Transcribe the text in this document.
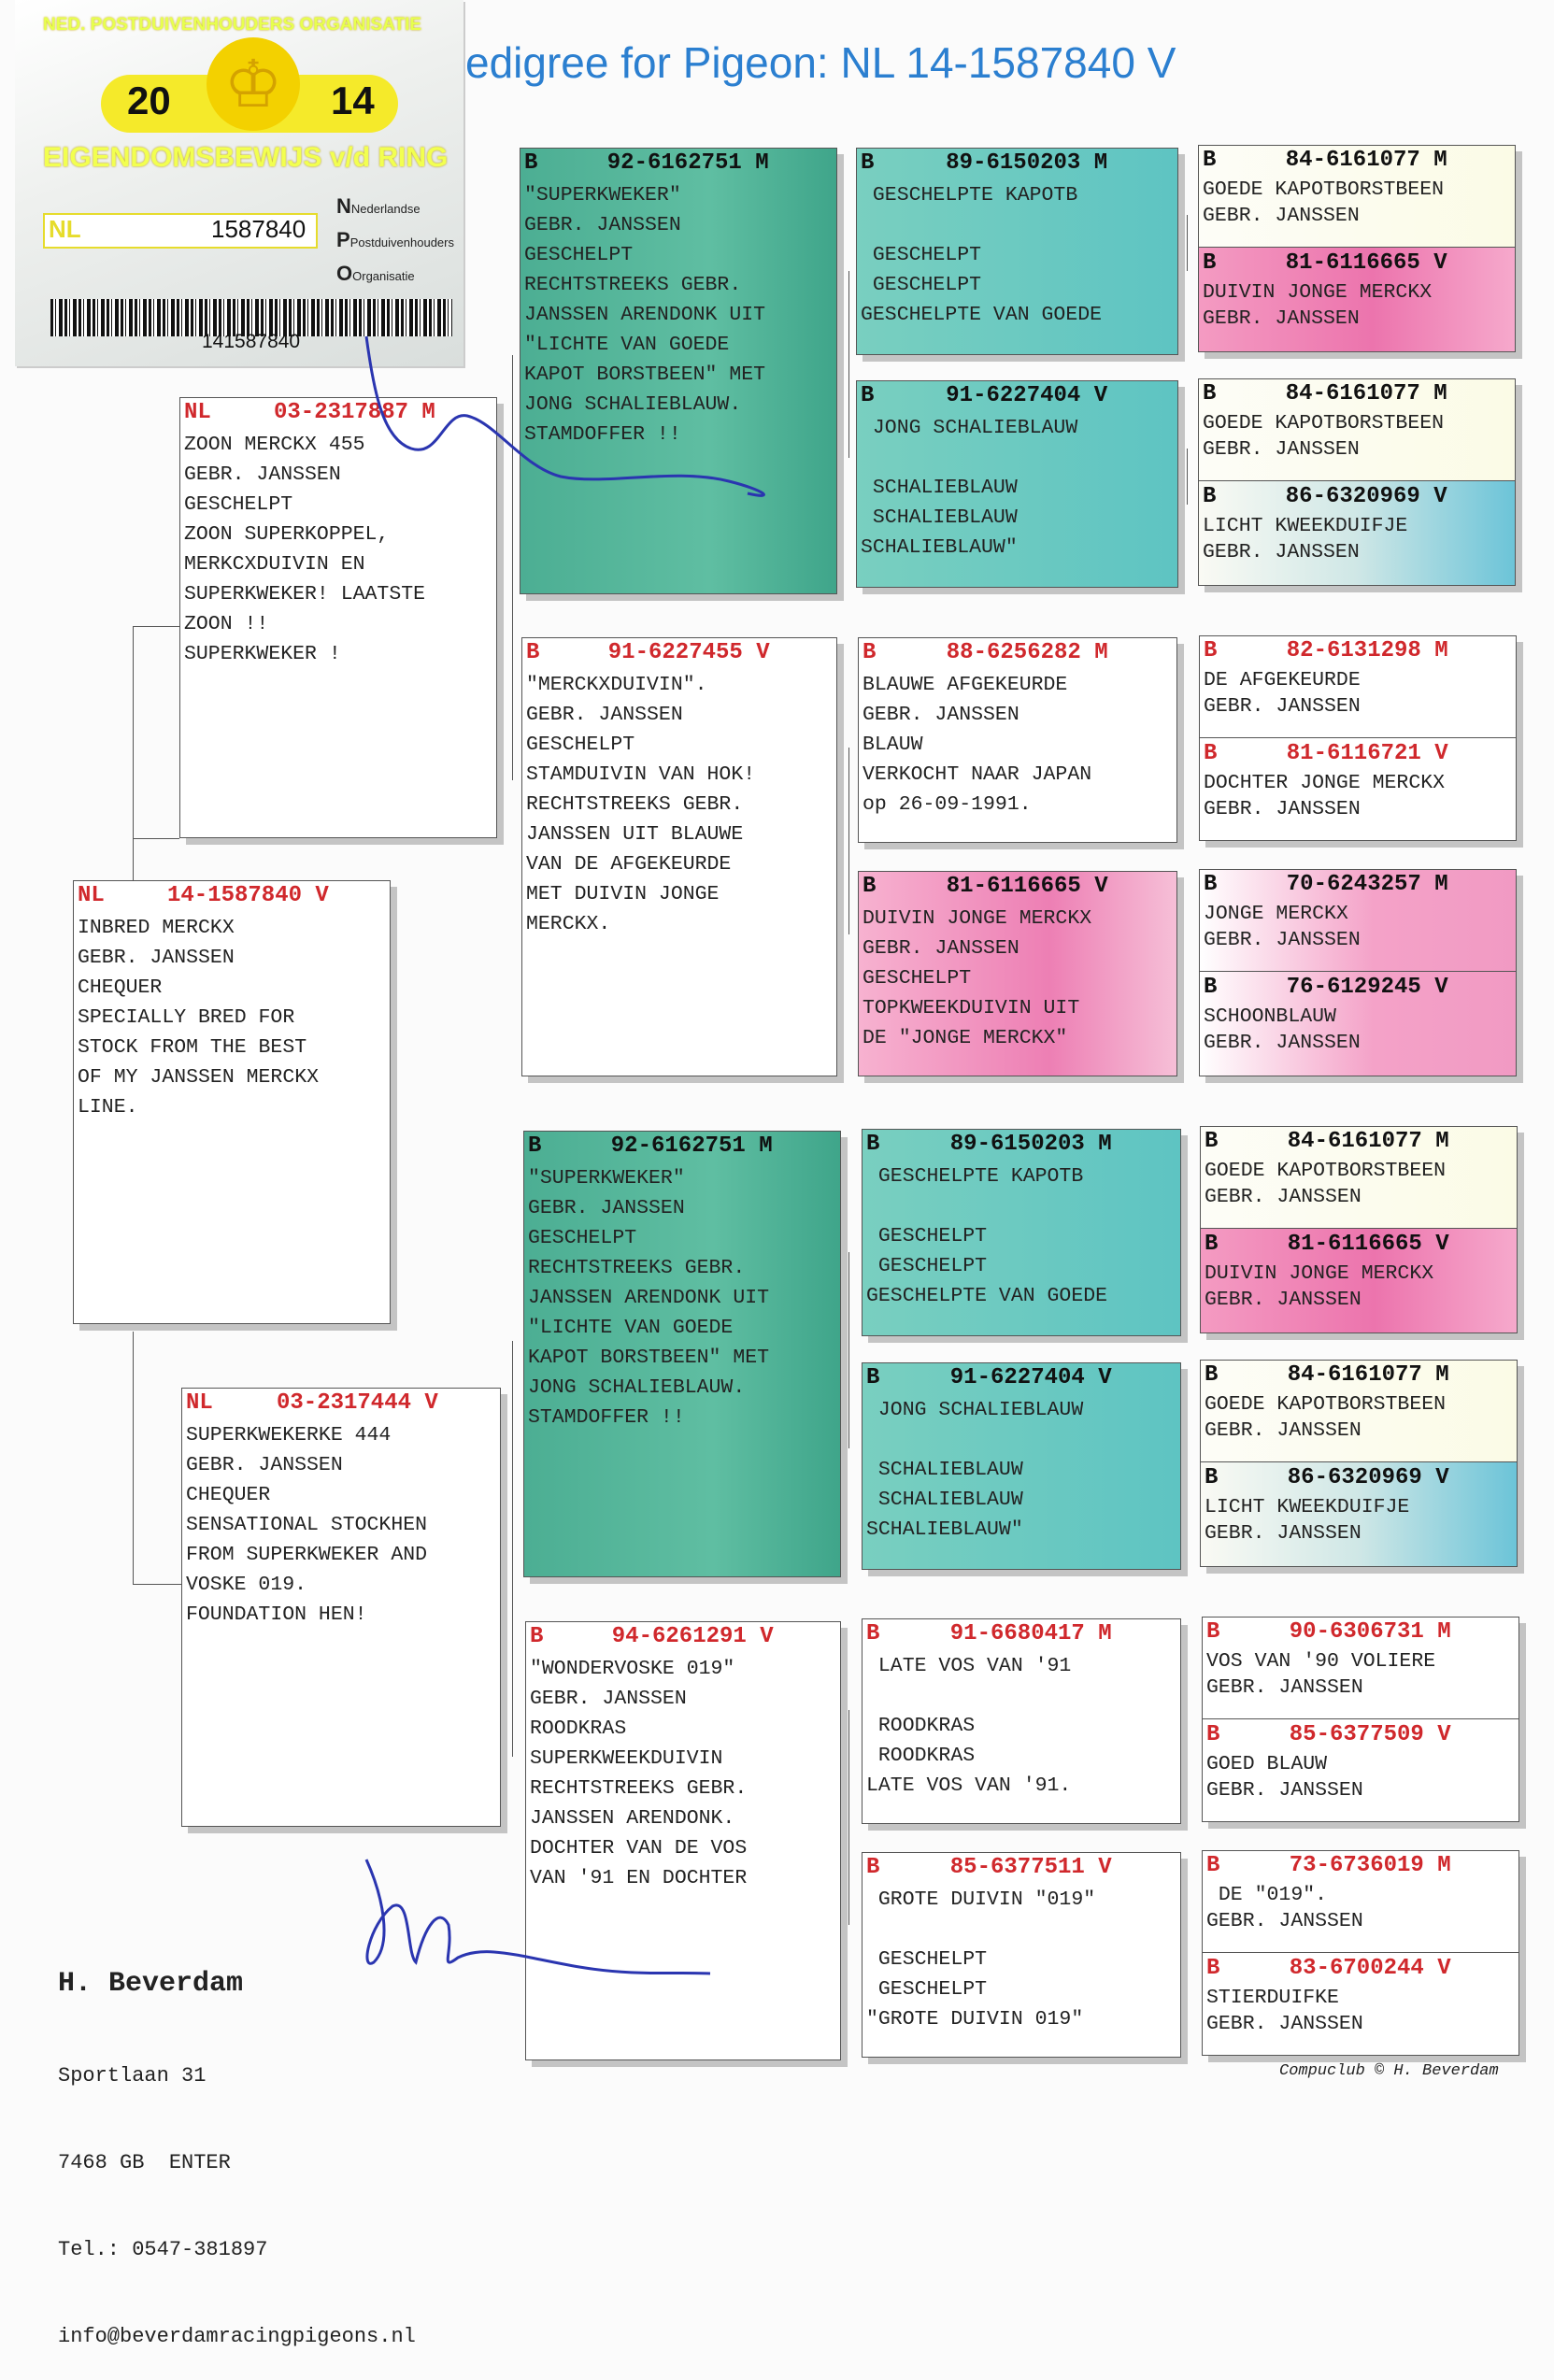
edigree for Pigeon: NL 14-1587840 V
NED. POSTDUIVENHOUDERS ORGANISATIE
♔
20	14
EIGENDOMSBEWIJS v/d RING
NL	1587840
NNederlandse
PPostduivenhouders
OOrganisatie
141587840
NL	14-1587840 V
INBRED MERCKX
GEBR. JANSSEN
CHEQUER
SPECIALLY BRED FOR
STOCK FROM THE BEST
OF MY JANSSEN MERCKX
LINE.
NL	03-2317887 M
ZOON MERCKX 455
GEBR. JANSSEN
GESCHELPT
ZOON SUPERKOPPEL,
MERKCXDUIVIN EN
SUPERKWEKER! LAATSTE
ZOON !!
SUPERKWEKER !
NL	03-2317444 V
SUPERKWEKERKE 444
GEBR. JANSSEN
CHEQUER
SENSATIONAL STOCKHEN
FROM SUPERKWEKER AND
VOSKE 019.
FOUNDATION HEN!
B	92-6162751 M
"SUPERKWEKER"
GEBR. JANSSEN
GESCHELPT
RECHTSTREEKS GEBR.
JANSSEN ARENDONK UIT
"LICHTE VAN GOEDE
KAPOT BORSTBEEN" MET
JONG SCHALIEBLAUW.
STAMDOFFER !!
B	91-6227455 V
"MERCKXDUIVIN".
GEBR. JANSSEN
GESCHELPT
STAMDUIVIN VAN HOK!
RECHTSTREEKS GEBR.
JANSSEN UIT BLAUWE
VAN DE AFGEKEURDE
MET DUIVIN JONGE
MERCKX.
B	92-6162751 M
"SUPERKWEKER"
GEBR. JANSSEN
GESCHELPT
RECHTSTREEKS GEBR.
JANSSEN ARENDONK UIT
"LICHTE VAN GOEDE
KAPOT BORSTBEEN" MET
JONG SCHALIEBLAUW.
STAMDOFFER !!
B	94-6261291 V
"WONDERVOSKE 019"
GEBR. JANSSEN
ROODKRAS
SUPERKWEEKDUIVIN
RECHTSTREEKS GEBR.
JANSSEN ARENDONK.
DOCHTER VAN DE VOS
VAN '91 EN DOCHTER
B	89-6150203 M
GESCHELPTE KAPOTB

GESCHELPT
GESCHELPT
GESCHELPTE VAN GOEDE
B	91-6227404 V
JONG SCHALIEBLAUW

SCHALIEBLAUW
SCHALIEBLAUW
SCHALIEBLAUW"
B	88-6256282 M
BLAUWE AFGEKEURDE
GEBR. JANSSEN
BLAUW
VERKOCHT NAAR JAPAN
op 26-09-1991.
B	81-6116665 V
DUIVIN JONGE MERCKX
GEBR. JANSSEN
GESCHELPT
TOPKWEEKDUIVIN UIT
DE "JONGE MERCKX"
B	89-6150203 M
GESCHELPTE KAPOTB

GESCHELPT
GESCHELPT
GESCHELPTE VAN GOEDE
B	91-6227404 V
JONG SCHALIEBLAUW

SCHALIEBLAUW
SCHALIEBLAUW
SCHALIEBLAUW"
B	91-6680417 M
LATE VOS VAN '91

ROODKRAS
ROODKRAS
LATE VOS VAN '91.
B	85-6377511 V
GROTE DUIVIN "019"

GESCHELPT
GESCHELPT
"GROTE DUIVIN 019"
B	84-6161077 M
GOEDE KAPOTBORSTBEEN
GEBR. JANSSEN
B	81-6116665 V
DUIVIN JONGE MERCKX
GEBR. JANSSEN
B	84-6161077 M
GOEDE KAPOTBORSTBEEN
GEBR. JANSSEN
B	86-6320969 V
LICHT KWEEKDUIFJE
GEBR. JANSSEN
B	82-6131298 M
DE AFGEKEURDE
GEBR. JANSSEN
B	81-6116721 V
DOCHTER JONGE MERCKX
GEBR. JANSSEN
B	70-6243257 M
JONGE MERCKX
GEBR. JANSSEN
B	76-6129245 V
SCHOONBLAUW
GEBR. JANSSEN
B	84-6161077 M
GOEDE KAPOTBORSTBEEN
GEBR. JANSSEN
B	81-6116665 V
DUIVIN JONGE MERCKX
GEBR. JANSSEN
B	84-6161077 M
GOEDE KAPOTBORSTBEEN
GEBR. JANSSEN
B	86-6320969 V
LICHT KWEEKDUIFJE
GEBR. JANSSEN
B	90-6306731 M
VOS VAN '90 VOLIERE
GEBR. JANSSEN
B	85-6377509 V
GOED BLAUW
GEBR. JANSSEN
B	73-6736019 M
DE "019".
GEBR. JANSSEN
B	83-6700244 V
STIERDUIFKE
GEBR. JANSSEN

H. Beverdam

Sportlaan 31

7468 GB  ENTER

Tel.: 0547-381897

info@beverdamracingpigeons.nl

Compuclub © H. Beverdam
